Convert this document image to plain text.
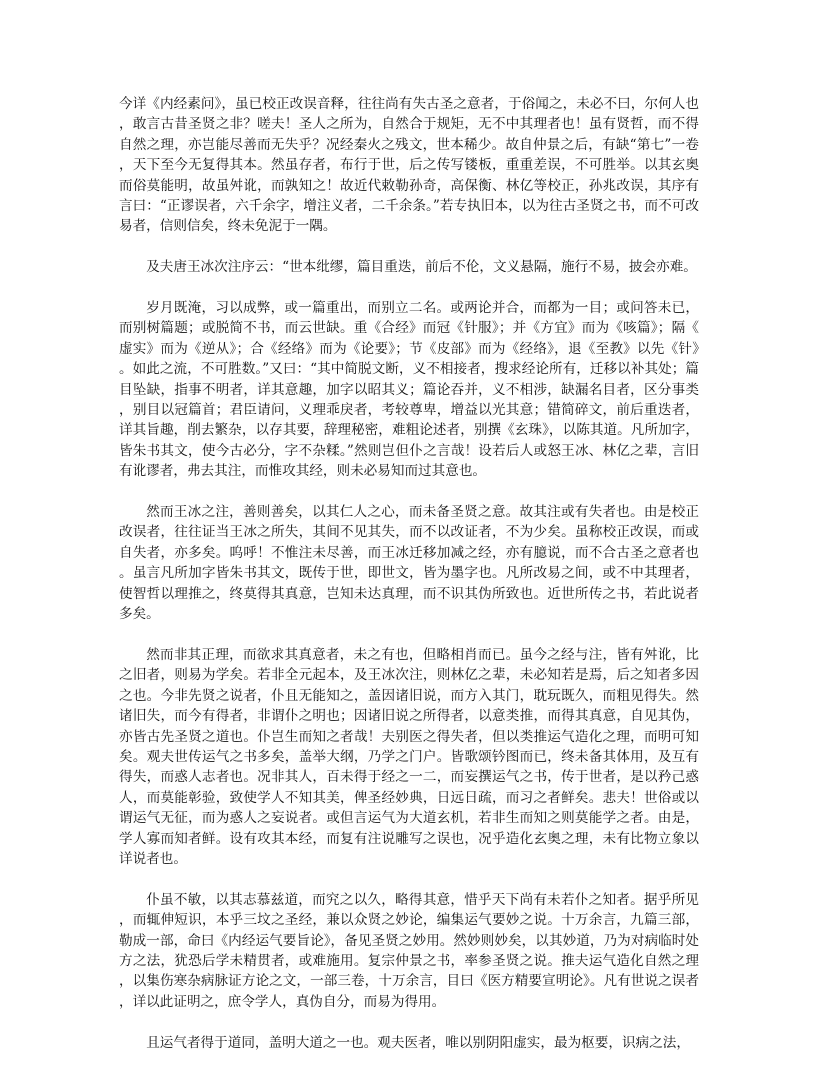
今详《内经素问》，虽已校正改误音释，往往尚有失古圣之意者，于俗闻之，未必不曰，尔何人也，敢言古昔圣贤之非？嗟夫！圣人之所为，自然合于规矩，无不中其理者也！虽有贤哲，而不得自然之理，亦岂能尽善而无失乎？况经秦火之残文，世本稀少。故自仲景之后，有缺“第七”一卷，天下至今无复得其本。然虽存者，布行于世，后之传写镂板，重重差误，不可胜举。以其玄奥而俗莫能明，故虽舛讹，而孰知之！故近代敕勒孙奇，高保衡、林亿等校正，孙兆改误，其序有言曰：“正谬误者，六千余字，增注义者，二千余条。”若专执旧本，以为往古圣贤之书，而不可改易者，信则信矣，终未免泥于一隅。

及夫唐王冰次注序云：“世本纰缪，篇目重迭，前后不伦，文义悬隔，施行不易，披会亦难。

岁月既淹，习以成弊，或一篇重出，而别立二名。或两论并合，而都为一目；或问答未已，而别树篇题；或脱简不书，而云世缺。重《合经》而冠《针服》；并《方宜》而为《咳篇》；隔《虚实》而为《逆从》；合《经络》而为《论要》；节《皮部》而为《经络》，退《至教》以先《针》。如此之流，不可胜数。”又曰：“其中简脱文断，义不相接者，搜求经论所有，迁移以补其处；篇目坠缺，指事不明者，详其意趣，加字以昭其义；篇论吞并，义不相涉，缺漏名目者，区分事类，别目以冠篇首；君臣请问，义理乖戾者，考较尊卑，增益以光其意；错简碎文，前后重迭者，详其旨趣，削去繁杂，以存其要，辞理秘密，难粗论述者，别撰《玄珠》，以陈其道。凡所加字，皆朱书其文，使今古必分，字不杂糅。”然则岂但仆之言哉！设若后人或怒王冰、林亿之辈，言旧有讹谬者，弗去其注，而惟攻其经，则未必易知而过其意也。

然而王冰之注，善则善矣，以其仁人之心，而未备圣贤之意。故其注或有失者也。由是校正改误者，往往证当王冰之所失，其间不见其失，而不以改证者，不为少矣。虽称校正改误，而或自失者，亦多矣。呜呼！不惟注未尽善，而王冰迁移加减之经，亦有臆说，而不合古圣之意者也。虽言凡所加字皆朱书其文，既传于世，即世文，皆为墨字也。凡所改易之间，或不中其理者，使智哲以理推之，终莫得其真意，岂知未达真理，而不识其伪所致也。近世所传之书，若此说者多矣。

然而非其正理，而欲求其真意者，未之有也，但略相肖而已。虽今之经与注，皆有舛讹，比之旧者，则易为学矣。若非全元起本，及王冰次注，则林亿之辈，未必知若是焉，后之知者多因之也。今非先贤之说者，仆且无能知之，盖因诸旧说，而方入其门，耽玩既久，而粗见得失。然诸旧失，而今有得者，非谓仆之明也；因诸旧说之所得者，以意类推，而得其真意，自见其伪，亦皆古先圣贤之道也。仆岂生而知之者哉！夫别医之得失者，但以类推运气造化之理，而明可知矣。观夫世传运气之书多矣，盖举大纲，乃学之门户。皆歌颂钤图而已，终未备其体用，及互有得失，而惑人志者也。况非其人，百未得于经之一二，而妄撰运气之书，传于世者，是以矜己惑人，而莫能彰验，致使学人不知其美，俾圣经妙典，日远日疏，而习之者鲜矣。悲夫！世俗或以谓运气无征，而为惑人之妄说者。或但言运气为大道玄机，若非生而知之则莫能学之者。由是，学人寡而知者鲜。设有攻其本经，而复有注说雕写之误也，况乎造化玄奥之理，未有比物立象以详说者也。

仆虽不敏，以其志慕兹道，而究之以久，略得其意，惜乎天下尚有未若仆之知者。据乎所见，而辄伸短识，本乎三坟之圣经，兼以众贤之妙论，编集运气要妙之说。十万余言，九篇三部，勒成一部，命曰《内经运气要旨论》，备见圣贤之妙用。然妙则妙矣，以其妙道，乃为对病临时处方之法，犹恐后学未精贯者，或难施用。复宗仲景之书，率参圣贤之说。推夫运气造化自然之理，以集伤寒杂病脉证方论之文，一部三卷，十万余言，目曰《医方精要宣明论》。凡有世说之误者，详以此证明之，庶令学人，真伪自分，而易为得用。

且运气者得于道同，盖明大道之一也。观夫医者，唯以别阴阳虚实，最为枢要，识病之法，
